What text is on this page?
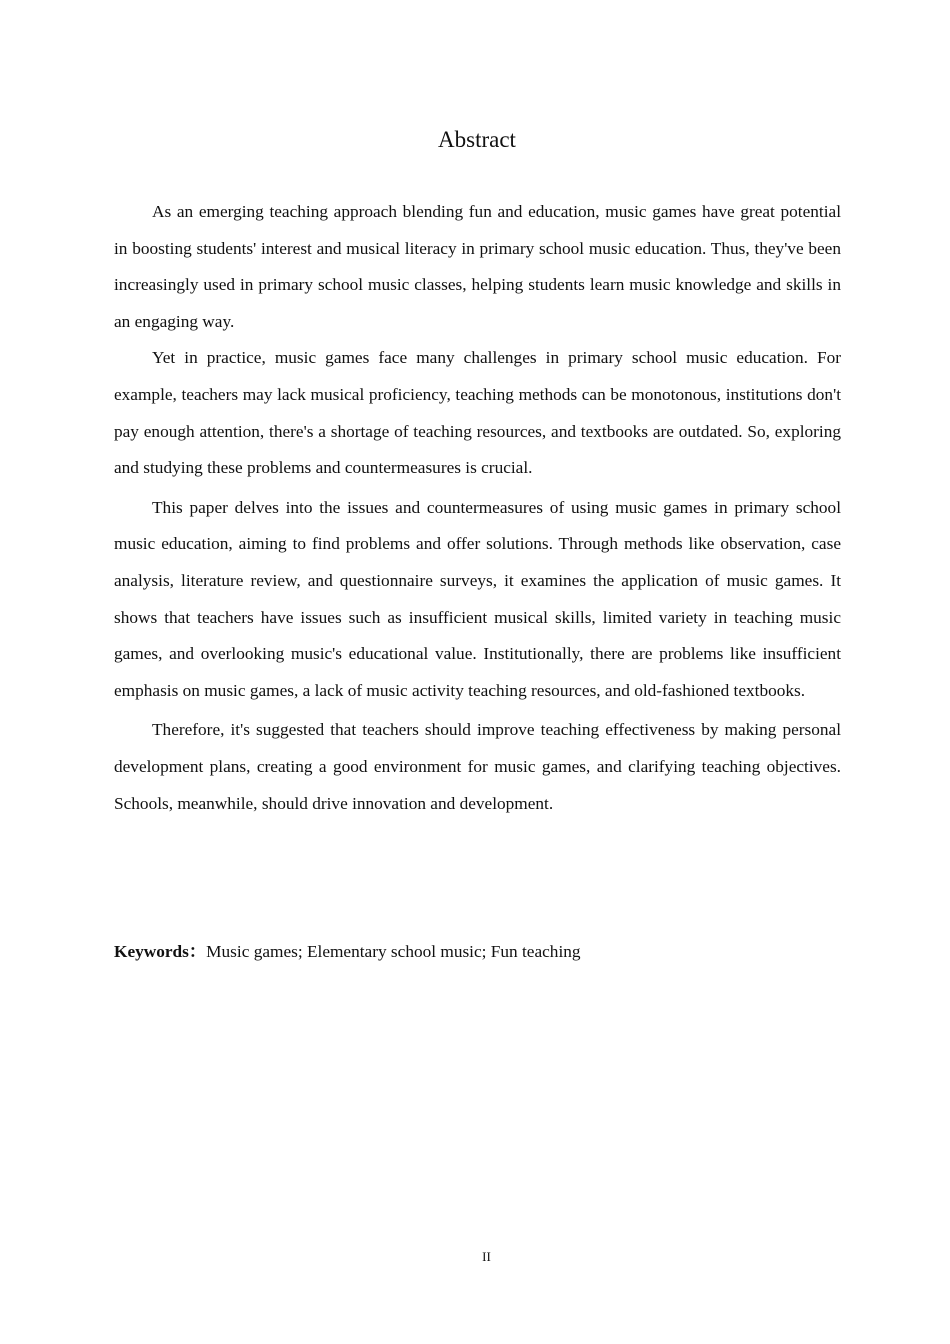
Abstract

As an emerging teaching approach blending fun and education, music games have great potential in boosting students' interest and musical literacy in primary school music education. Thus, they've been increasingly used in primary school music classes, helping students learn music knowledge and skills in an engaging way.

Yet in practice, music games face many challenges in primary school music education. For example, teachers may lack musical proficiency, teaching methods can be monotonous, institutions don't pay enough attention, there's a shortage of teaching resources, and textbooks are outdated. So, exploring and studying these problems and countermeasures is crucial.

This paper delves into the issues and countermeasures of using music games in primary school music education, aiming to find problems and offer solutions. Through methods like observation, case analysis, literature review, and questionnaire surveys, it examines the application of music games. It shows that teachers have issues such as insufficient musical skills, limited variety in teaching music games, and overlooking music's educational value. Institutionally, there are problems like insufficient emphasis on music games, a lack of music activity teaching resources, and old-fashioned textbooks.

Therefore, it's suggested that teachers should improve teaching effectiveness by making personal development plans, creating a good environment for music games, and clarifying teaching objectives. Schools, meanwhile, should drive innovation and development.

Keywords：Music games; Elementary school music; Fun teaching

II
